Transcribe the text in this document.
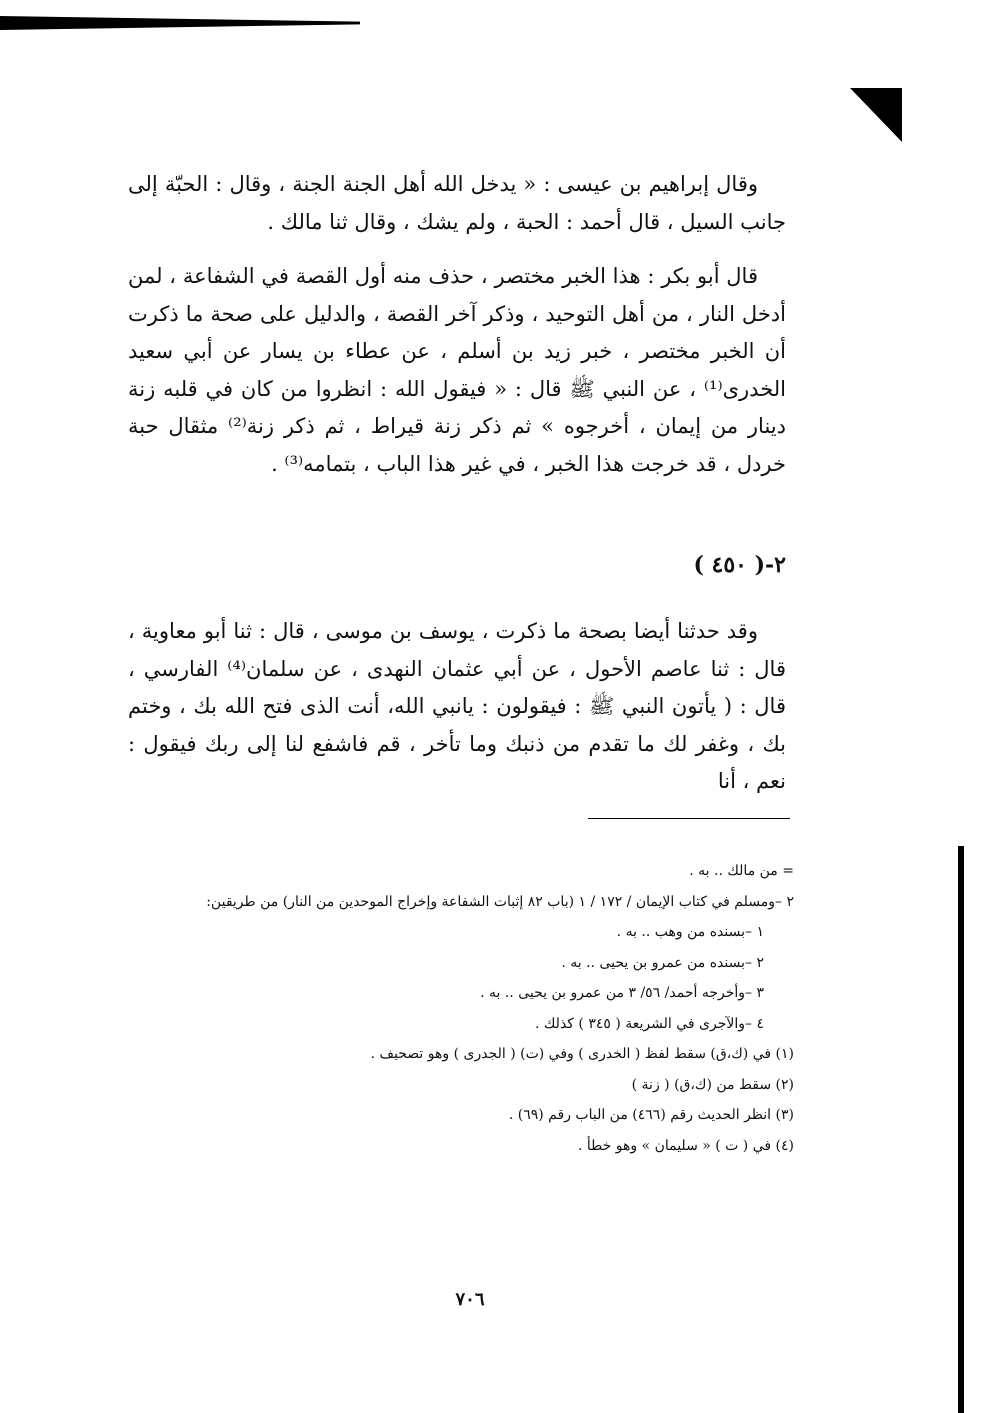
وقال إبراهيم بن عيسى : « يدخل الله أهل الجنة الجنة ، وقال : الحبّة إلى جانب السيل ، قال أحمد : الحبة ، ولم يشك ، وقال ثنا مالك .

قال أبو بكر : هذا الخبر مختصر ، حذف منه أول القصة في الشفاعة ، لمن أدخل النار ، من أهل التوحيد ، وذكر آخر القصة ، والدليل على صحة ما ذكرت أن الخبر مختصر ، خبر زيد بن أسلم ، عن عطاء بن يسار عن أبي سعيد الخدرى⁽¹⁾ ، عن النبي ﷺ قال : « فيقول الله : انظروا من كان في قلبه زنة دينار من إيمان ، أخرجوه » ثم ذكر زنة قيراط ، ثم ذكر زنة⁽²⁾ مثقال حبة خردل ، قد خرجت هذا الخبر ، في غير هذا الباب ، بتمامه⁽³⁾ .

٢-( ٤٥٠ )

وقد حدثنا أيضا بصحة ما ذكرت ، يوسف بن موسى ، قال : ثنا أبو معاوية ، قال : ثنا عاصم الأحول ، عن أبي عثمان النهدى ، عن سلمان⁽⁴⁾ الفارسي ، قال : ( يأتون النبي ﷺ : فيقولون : يانبي الله، أنت الذى فتح الله بك ، وختم بك ، وغفر لك ما تقدم من ذنبك وما تأخر ، قم فاشفع لنا إلى ربك فيقول : نعم ، أنا

= من مالك .. به .
٢ –ومسلم في كتاب الإيمان / ١٧٢ / ١ (باب ٨٢ إثبات الشفاعة وإخراج الموحدين من النار) من طريقين:
١ –بسنده من وهب .. به .
٢ –بسنده من عمرو بن يحيى .. به .
٣ –وأخرجه أحمد/ ٥٦/ ٣ من عمرو بن يحيى .. به .
٤ –والآجرى في الشريعة ( ٣٤٥ ) كذلك .
(١) في (ك،ق) سقط لفظ ( الخدرى ) وفي (ت) ( الجدرى ) وهو تصحيف .
(٢) سقط من (ك،ق) ( زنة )
(٣) انظر الحديث رقم (٤٦٦) من الباب رقم (٦٩) .
(٤) في ( ت ) « سليمان » وهو خطأ .
٧٠٦
